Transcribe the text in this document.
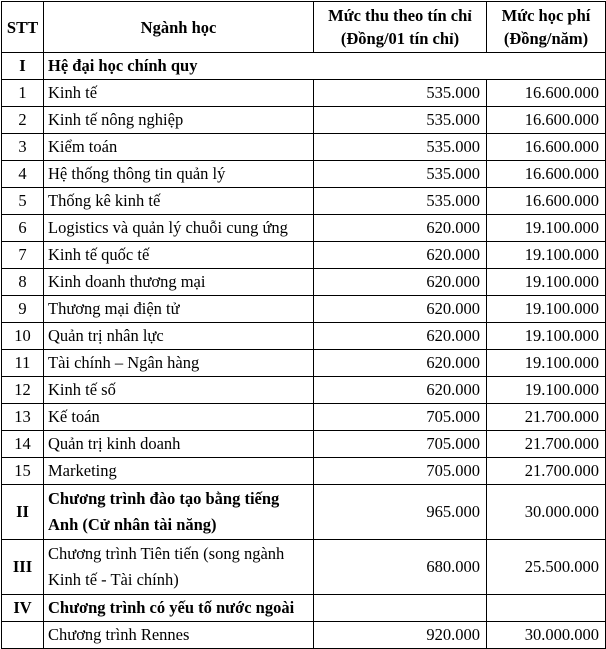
STT	Ngành học	Mức thu theo tín chỉ (Đồng/01 tín chỉ)	Mức học phí (Đồng/năm)
I	Hệ đại học chính quy		
1	Kinh tế	535.000	16.600.000
2	Kinh tế nông nghiệp	535.000	16.600.000
3	Kiểm toán	535.000	16.600.000
4	Hệ thống thông tin quản lý	535.000	16.600.000
5	Thống kê kinh tế	535.000	16.600.000
6	Logistics và quản lý chuỗi cung ứng	620.000	19.100.000
7	Kinh tế quốc tế	620.000	19.100.000
8	Kinh doanh thương mại	620.000	19.100.000
9	Thương mại điện tử	620.000	19.100.000
10	Quản trị nhân lực	620.000	19.100.000
11	Tài chính – Ngân hàng	620.000	19.100.000
12	Kinh tế số	620.000	19.100.000
13	Kế toán	705.000	21.700.000
14	Quản trị kinh doanh	705.000	21.700.000
15	Marketing	705.000	21.700.000
II	Chương trình đào tạo bằng tiếng Anh (Cử nhân tài năng)	965.000	30.000.000
III	Chương trình Tiên tiến (song ngành Kinh tế - Tài chính)	680.000	25.500.000
IV	Chương trình có yếu tố nước ngoài		
	Chương trình Rennes	920.000	30.000.000
